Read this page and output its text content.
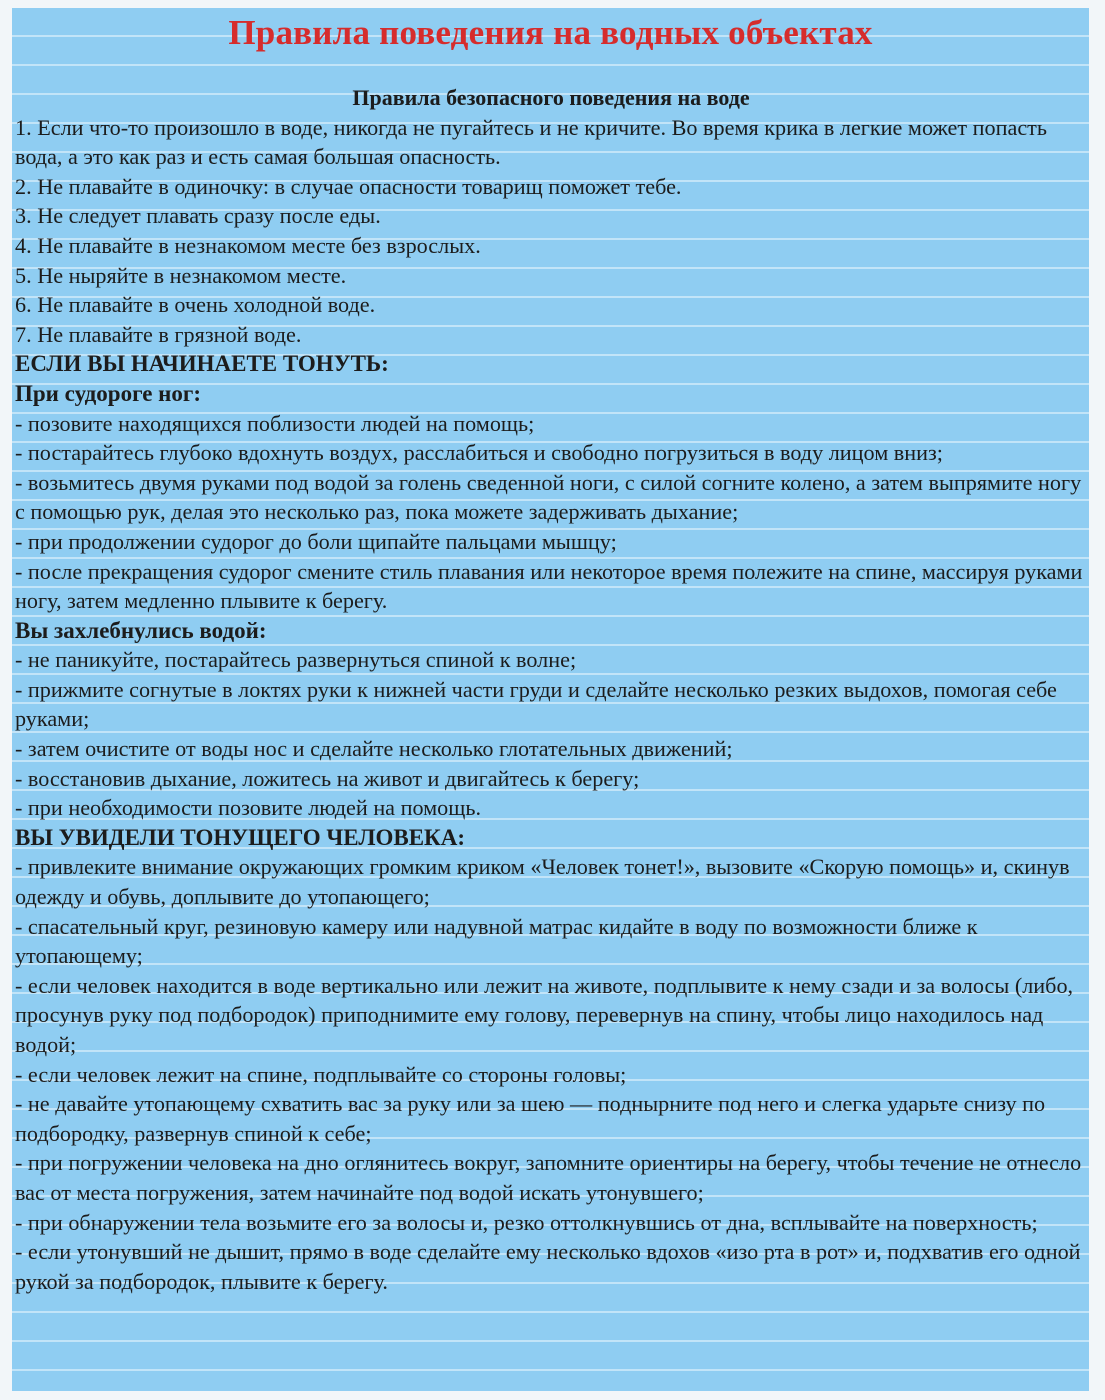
Правила поведения на водных объектах

Правила безопасного поведения на воде

1. Если что-то произошло в воде, никогда не пугайтесь и не кричите. Во время крика в легкие может попасть вода, а это как раз и есть самая большая опасность.

2. Не плавайте в одиночку: в случае опасности товарищ поможет тебе.

3. Не следует плавать сразу после еды.

4. Не плавайте в незнакомом месте без взрослых.

5. Не ныряйте в незнакомом месте.

6. Не плавайте в очень холодной воде.

7. Не плавайте в грязной воде.

ЕСЛИ ВЫ НАЧИНАЕТЕ ТОНУТЬ:

При судороге ног:

- позовите находящихся поблизости людей на помощь;

- постарайтесь глубоко вдохнуть воздух, расслабиться и свободно погрузиться в воду лицом вниз;

- возьмитесь двумя руками под водой за голень сведенной ноги, с силой согните колено, а затем выпрямите ногу с помощью рук, делая это несколько раз, пока можете задерживать дыхание;

- при продолжении судорог до боли щипайте пальцами мышцу;

- после прекращения судорог смените стиль плавания или некоторое время полежите на спине, массируя руками ногу, затем медленно плывите к берегу.

Вы захлебнулись водой:

- не паникуйте, постарайтесь развернуться спиной к волне;

- прижмите согнутые в локтях руки к нижней части груди и сделайте несколько резких выдохов, помогая себе руками;

- затем очистите от воды нос и сделайте несколько глотательных движений;

- восстановив дыхание, ложитесь на живот и двигайтесь к берегу;

- при необходимости позовите людей на помощь.

ВЫ УВИДЕЛИ ТОНУЩЕГО ЧЕЛОВЕКА:

- привлеките внимание окружающих громким криком «Человек тонет!», вызовите «Скорую помощь» и, скинув одежду и обувь, доплывите до утопающего;

- спасательный круг, резиновую камеру или надувной матрас кидайте в воду по возможности ближе к утопающему;

- если человек находится в воде вертикально или лежит на животе, подплывите к нему сзади и за волосы (либо, просунув руку под подбородок) приподнимите ему голову, перевернув на спину, чтобы лицо находилось над водой;

- если человек лежит на спине, подплывайте со стороны головы;

- не давайте утопающему схватить вас за руку или за шею — поднырните под него и слегка ударьте снизу по подбородку, развернув спиной к себе;

- при погружении человека на дно оглянитесь вокруг, запомните ориентиры на берегу, чтобы течение не отнесло вас от места погружения, затем начинайте под водой искать утонувшего;

- при обнаружении тела возьмите его за волосы и, резко оттолкнувшись от дна, всплывайте на поверхность;

- если утонувший не дышит, прямо в воде сделайте ему несколько вдохов «изо рта в рот» и, подхватив его одной рукой за подбородок, плывите к берегу.
